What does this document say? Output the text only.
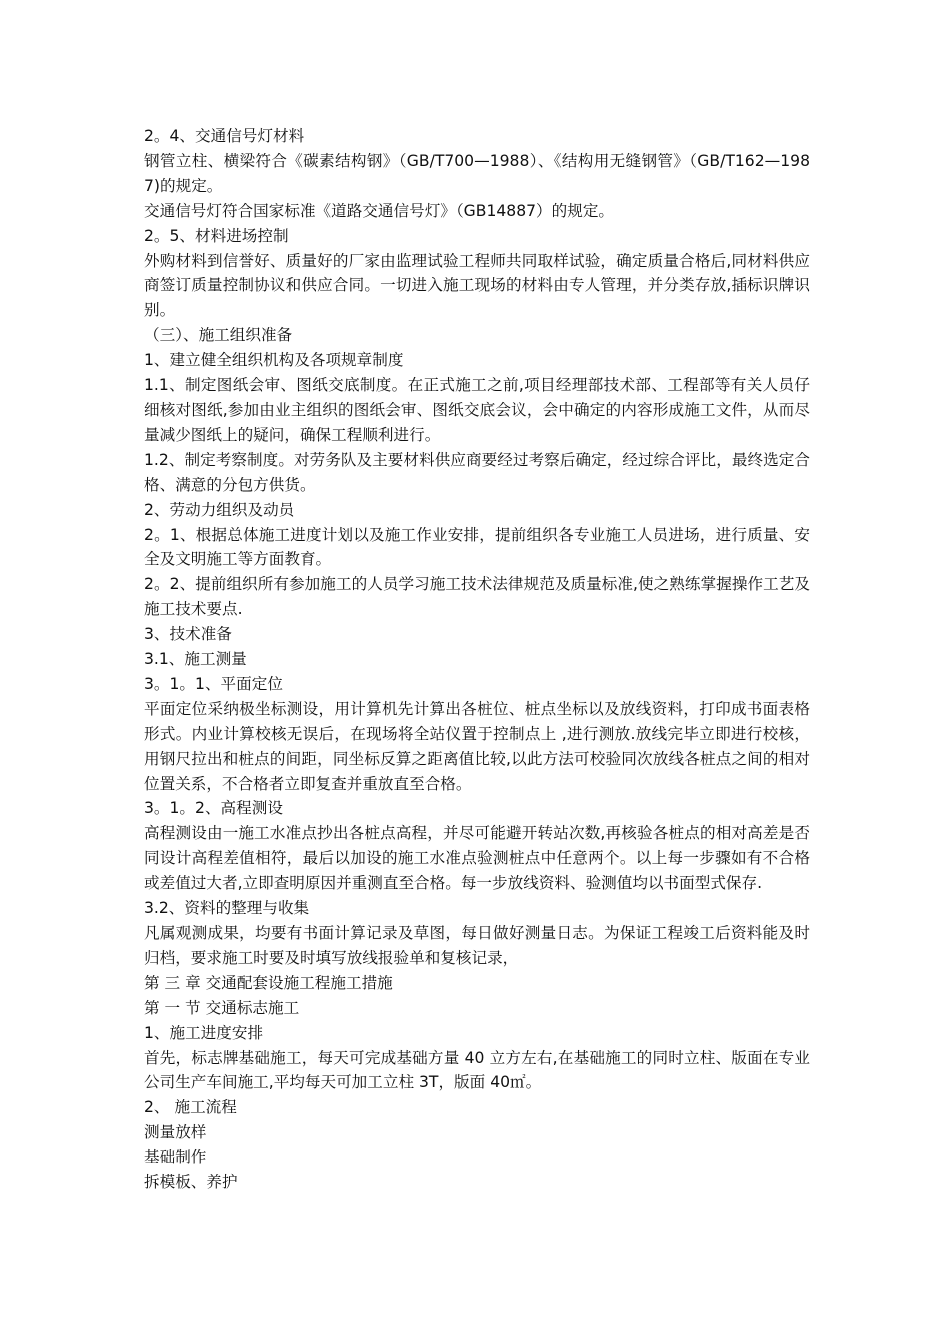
2。4、交通信号灯材料

钢管立柱、横梁符合《碳素结构钢》（GB/T700—1988）、《结构用无缝钢管》（GB/T162—1987)的规定。

交通信号灯符合国家标准《道路交通信号灯》（GB14887）的规定。

2。5、材料进场控制

外购材料到信誉好、质量好的厂家由监理试验工程师共同取样试验，确定质量合格后,同材料供应商签订质量控制协议和供应合同。一切进入施工现场的材料由专人管理，并分类存放,插标识牌识别。

（三）、施工组织准备

1、建立健全组织机构及各项规章制度

1.1、制定图纸会审、图纸交底制度。在正式施工之前,项目经理部技术部、工程部等有关人员仔细核对图纸,参加由业主组织的图纸会审、图纸交底会议，会中确定的内容形成施工文件，从而尽量减少图纸上的疑问，确保工程顺利进行。

1.2、制定考察制度。对劳务队及主要材料供应商要经过考察后确定，经过综合评比，最终选定合格、满意的分包方供货。

2、劳动力组织及动员

2。1、根据总体施工进度计划以及施工作业安排，提前组织各专业施工人员进场，进行质量、安全及文明施工等方面教育。

2。2、提前组织所有参加施工的人员学习施工技术法律规范及质量标准,使之熟练掌握操作工艺及施工技术要点.

3、技术准备

3.1、施工测量

3。1。1、平面定位

平面定位采纳极坐标测设，用计算机先计算出各桩位、桩点坐标以及放线资料，打印成书面表格形式。内业计算校核无误后，在现场将全站仪置于控制点上 ,进行测放.放线完毕立即进行校核，用钢尺拉出和桩点的间距，同坐标反算之距离值比较,以此方法可校验同次放线各桩点之间的相对位置关系，不合格者立即复查并重放直至合格。

3。1。2、高程测设

高程测设由一施工水准点抄出各桩点高程，并尽可能避开转站次数,再核验各桩点的相对高差是否同设计高程差值相符，最后以加设的施工水准点验测桩点中任意两个。以上每一步骤如有不合格或差值过大者,立即查明原因并重测直至合格。每一步放线资料、验测值均以书面型式保存.

3.2、资料的整理与收集

凡属观测成果，均要有书面计算记录及草图，每日做好测量日志。为保证工程竣工后资料能及时归档，要求施工时要及时填写放线报验单和复核记录，

第 三 章 交通配套设施工程施工措施

第 一 节 交通标志施工

1、施工进度安排

首先，标志牌基础施工，每天可完成基础方量 40 立方左右,在基础施工的同时立柱、版面在专业公司生产车间施工,平均每天可加工立柱 3T，版面 40㎡。

2、 施工流程

测量放样

基础制作

拆模板、养护
